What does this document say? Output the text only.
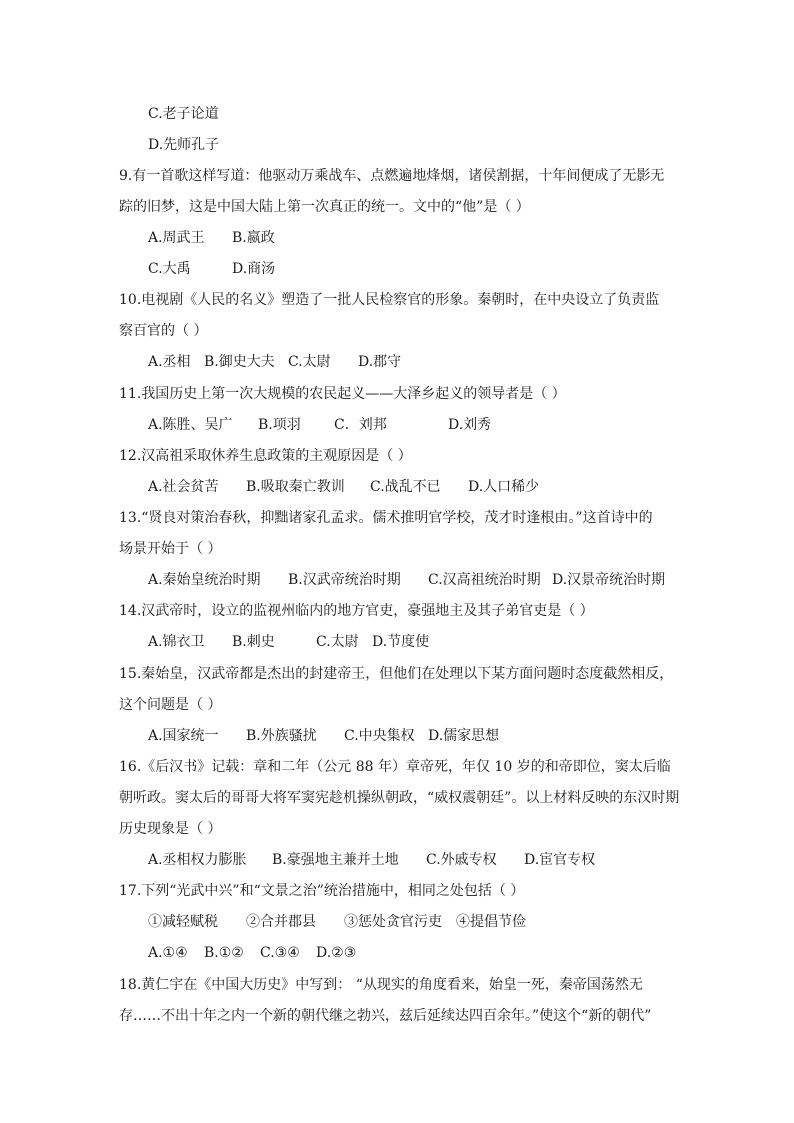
C.老子论道
D.先师孔子
9.有一首歌这样写道：他驱动万乘战车、点燃遍地烽烟，诸侯割据，十年间便成了无影无
踪的旧梦，这是中国大陆上第一次真正的统一。文中的“他”是（ ）
A.周武王	B.嬴政
C.大禹	D.商汤
10.电视剧《人民的名义》塑造了一批人民检察官的形象。秦朝时，在中央设立了负责监
察百官的（ ）
A.丞相 B.御史大夫 C.太尉	D.郡守
11.我国历史上第一次大规模的农民起义——大泽乡起义的领导者是（ ）
A.陈胜、吴广	B.项羽	C．刘邦	D.刘秀
12.汉高祖采取休养生息政策的主观原因是（ ）
A.社会贫苦	B.吸取秦亡教训	C.战乱不已	D.人口稀少
13.“贤良对策治春秋，抑黜诸家孔孟求。儒术推明官学校，茂才时逢根由。”这首诗中的
场景开始于（ ）
A.秦始皇统治时期	B.汉武帝统治时期	C.汉高祖统治时期 D.汉景帝统治时期
14.汉武帝时，设立的监视州临内的地方官吏，豪强地主及其子弟官吏是（ ）
A.锦衣卫	B.刺史	C.太尉 D.节度使
15.秦始皇，汉武帝都是杰出的封建帝王，但他们在处理以下某方面问题时态度截然相反，
这个问题是（ ）
A.国家统一	B.外族骚扰	C.中央集权 D.儒家思想
16.《后汉书》记载：章和二年（公元 88 年）章帝死，年仅 10 岁的和帝即位，窦太后临
朝听政。窦太后的哥哥大将军窦宪趁机操纵朝政，“威权震朝廷”。以上材料反映的东汉时期
历史现象是（ ）
A.丞相权力膨胀	B.豪强地主兼并土地	C.外戚专权	D.宦官专权
17.下列“光武中兴”和“文景之治”统治措施中，相同之处包括（ ）
①减轻赋税	②合并郡县	③惩处贪官污吏	④提倡节俭
A.①④	B.①②	C.③④	D.②③
18.黄仁宇在《中国大历史》中写到： “从现实的角度看来，始皇一死，秦帝国荡然无
存……不出十年之内一个新的朝代继之勃兴，兹后延续达四百余年。”使这个“新的朝代”
